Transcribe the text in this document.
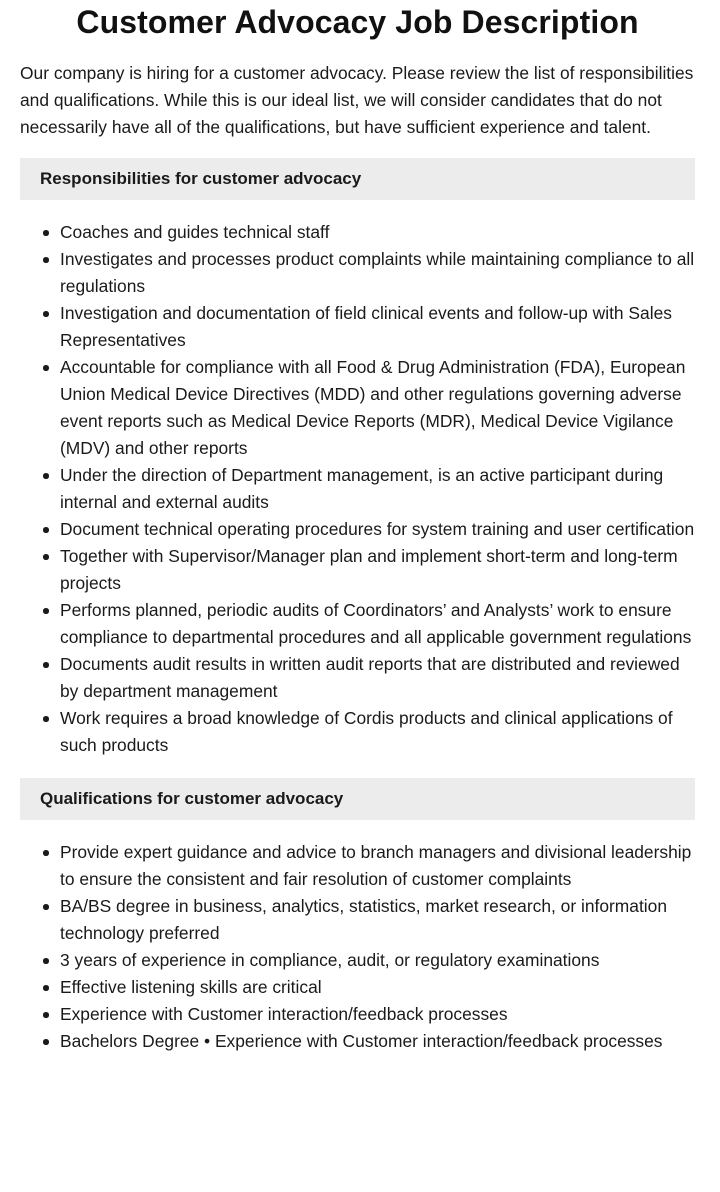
Customer Advocacy Job Description

Our company is hiring for a customer advocacy. Please review the list of responsibilities and qualifications. While this is our ideal list, we will consider candidates that do not necessarily have all of the qualifications, but have sufficient experience and talent.

Responsibilities for customer advocacy
Coaches and guides technical staff
Investigates and processes product complaints while maintaining compliance to all regulations
Investigation and documentation of field clinical events and follow-up with Sales Representatives
Accountable for compliance with all Food & Drug Administration (FDA), European Union Medical Device Directives (MDD) and other regulations governing adverse event reports such as Medical Device Reports (MDR), Medical Device Vigilance (MDV) and other reports
Under the direction of Department management, is an active participant during internal and external audits
Document technical operating procedures for system training and user certification
Together with Supervisor/Manager plan and implement short-term and long-term projects
Performs planned, periodic audits of Coordinators’ and Analysts’ work to ensure compliance to departmental procedures and all applicable government regulations
Documents audit results in written audit reports that are distributed and reviewed by department management
Work requires a broad knowledge of Cordis products and clinical applications of such products
Qualifications for customer advocacy
Provide expert guidance and advice to branch managers and divisional leadership to ensure the consistent and fair resolution of customer complaints
BA/BS degree in business, analytics, statistics, market research, or information technology preferred
3 years of experience in compliance, audit, or regulatory examinations
Effective listening skills are critical
Experience with Customer interaction/feedback processes
Bachelors Degree • Experience with Customer interaction/feedback processes
